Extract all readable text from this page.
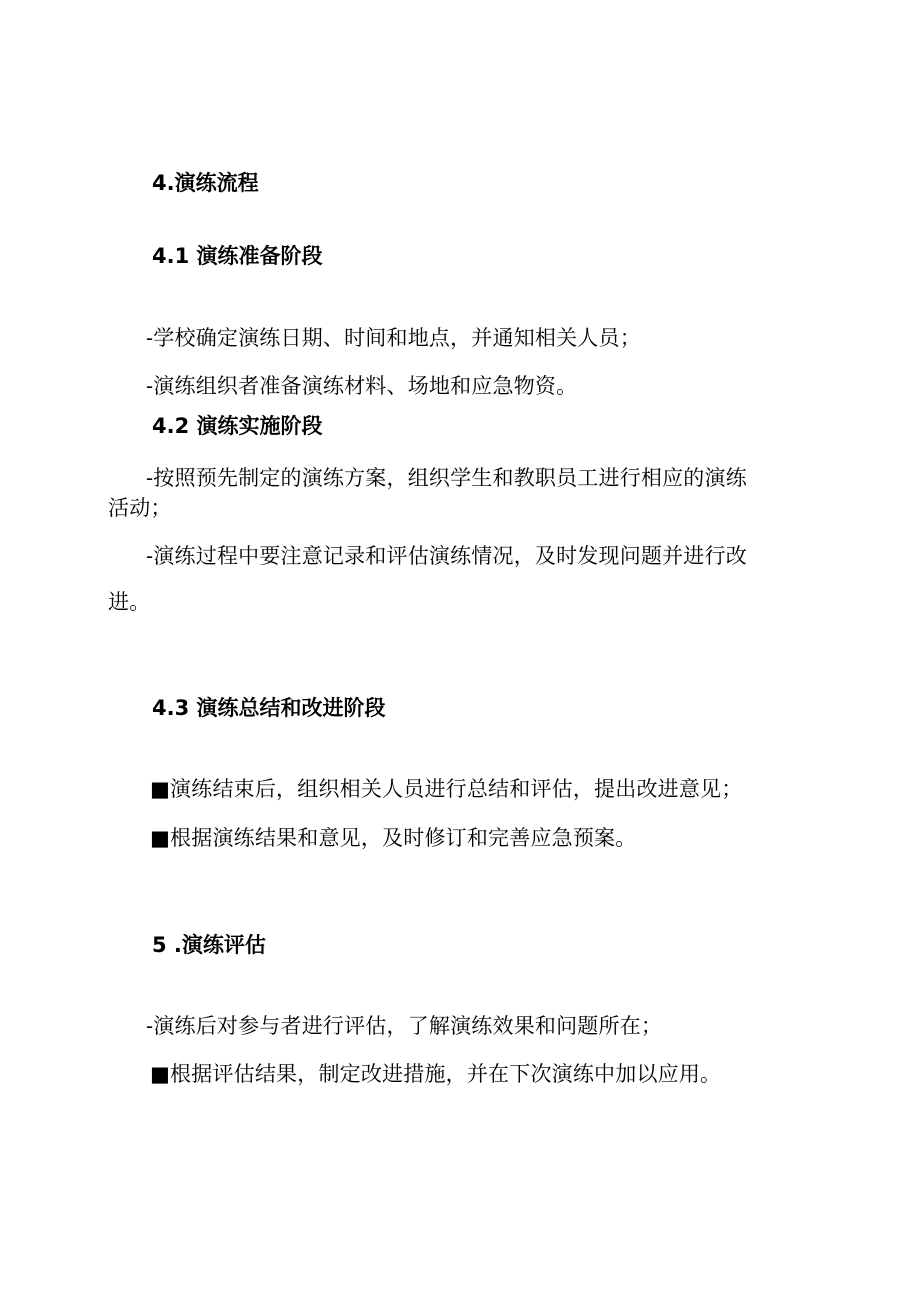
4.演练流程

4.1 演练准备阶段

-学校确定演练日期、时间和地点，并通知相关人员；

-演练组织者准备演练材料、场地和应急物资。

4.2 演练实施阶段

-按照预先制定的演练方案，组织学生和教职员工进行相应的演练

活动；

-演练过程中要注意记录和评估演练情况，及时发现问题并进行改

进。

4.3 演练总结和改进阶段

■演练结束后，组织相关人员进行总结和评估，提出改进意见；

■根据演练结果和意见，及时修订和完善应急预案。

5 .演练评估

-演练后对参与者进行评估，了解演练效果和问题所在；

■根据评估结果，制定改进措施，并在下次演练中加以应用。
